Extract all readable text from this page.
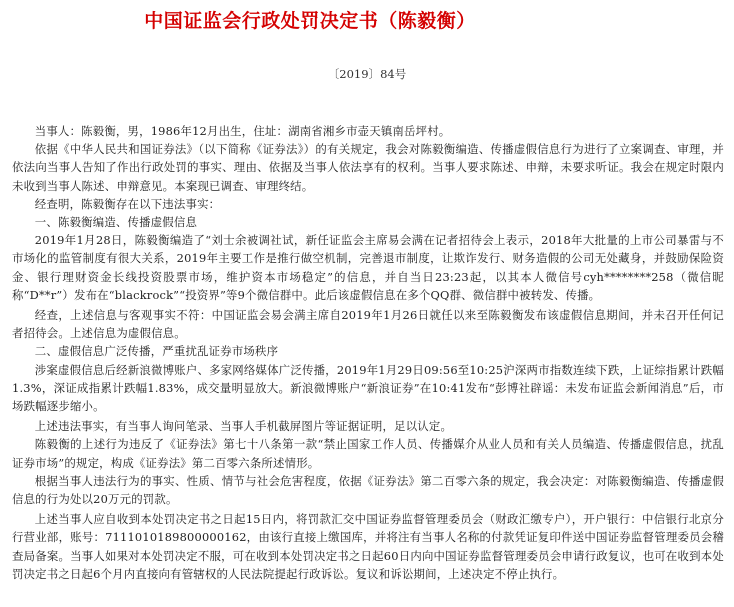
中国证监会行政处罚决定书（陈毅衡）
〔2019〕84号

当事人：陈毅衡，男，1986年12月出生，住址：湖南省湘乡市壶天镇南岳坪村。

依据《中华人民共和国证券法》（以下简称《证券法》）的有关规定，我会对陈毅衡编造、传播虚假信息行为进行了立案调查、审理，并依法向当事人告知了作出行政处罚的事实、理由、依据及当事人依法享有的权利。当事人要求陈述、申辩，未要求听证。我会在规定时限内未收到当事人陈述、申辩意见。本案现已调查、审理终结。

经查明，陈毅衡存在以下违法事实：

一、陈毅衡编造、传播虚假信息

2019年1月28日，陈毅衡编造了“刘士余被调社试，新任证监会主席易会满在记者招待会上表示，2018年大批量的上市公司暴雷与不市场化的监管制度有很大关系，2019年主要工作是推行做空机制，完善退市制度，让欺诈发行、财务造假的公司无处藏身，并鼓励保险资金、银行理财资金长线投资股票市场，维护资本市场稳定”的信息，并自当日23:23起，以其本人微信号cyh********258（微信昵称“D**r”）发布在“blackrock”“投资界”等9个微信群中。此后该虚假信息在多个QQ群、微信群中被转发、传播。

经查，上述信息与客观事实不符：中国证监会易会满主席自2019年1月26日就任以来至陈毅衡发布该虚假信息期间，并未召开任何记者招待会。上述信息为虚假信息。

二、虚假信息广泛传播，严重扰乱证券市场秩序

涉案虚假信息后经新浪微博账户、多家网络媒体广泛传播，2019年1月29日09:56至10:25沪深两市指数连续下跌，上证综指累计跌幅1.3%，深证成指累计跌幅1.83%，成交量明显放大。新浪微博账户“新浪证券”在10:41发布“彭博社辟谣：未发布证监会新闻消息”后，市场跌幅逐步缩小。

上述违法事实，有当事人询问笔录、当事人手机截屏图片等证据证明，足以认定。

陈毅衡的上述行为违反了《证券法》第七十八条第一款“禁止国家工作人员、传播媒介从业人员和有关人员编造、传播虚假信息，扰乱证券市场”的规定，构成《证券法》第二百零六条所述情形。

根据当事人违法行为的事实、性质、情节与社会危害程度，依据《证券法》第二百零六条的规定，我会决定：对陈毅衡编造、传播虚假信息的行为处以20万元的罚款。

上述当事人应自收到本处罚决定书之日起15日内，将罚款汇交中国证券监督管理委员会（财政汇缴专户），开户银行：中信银行北京分行营业部，账号：7111010189800000162，由该行直接上缴国库，并将注有当事人名称的付款凭证复印件送中国证券监督管理委员会稽查局备案。当事人如果对本处罚决定不服，可在收到本处罚决定书之日起60日内向中国证券监督管理委员会申请行政复议，也可在收到本处罚决定书之日起6个月内直接向有管辖权的人民法院提起行政诉讼。复议和诉讼期间，上述决定不停止执行。
